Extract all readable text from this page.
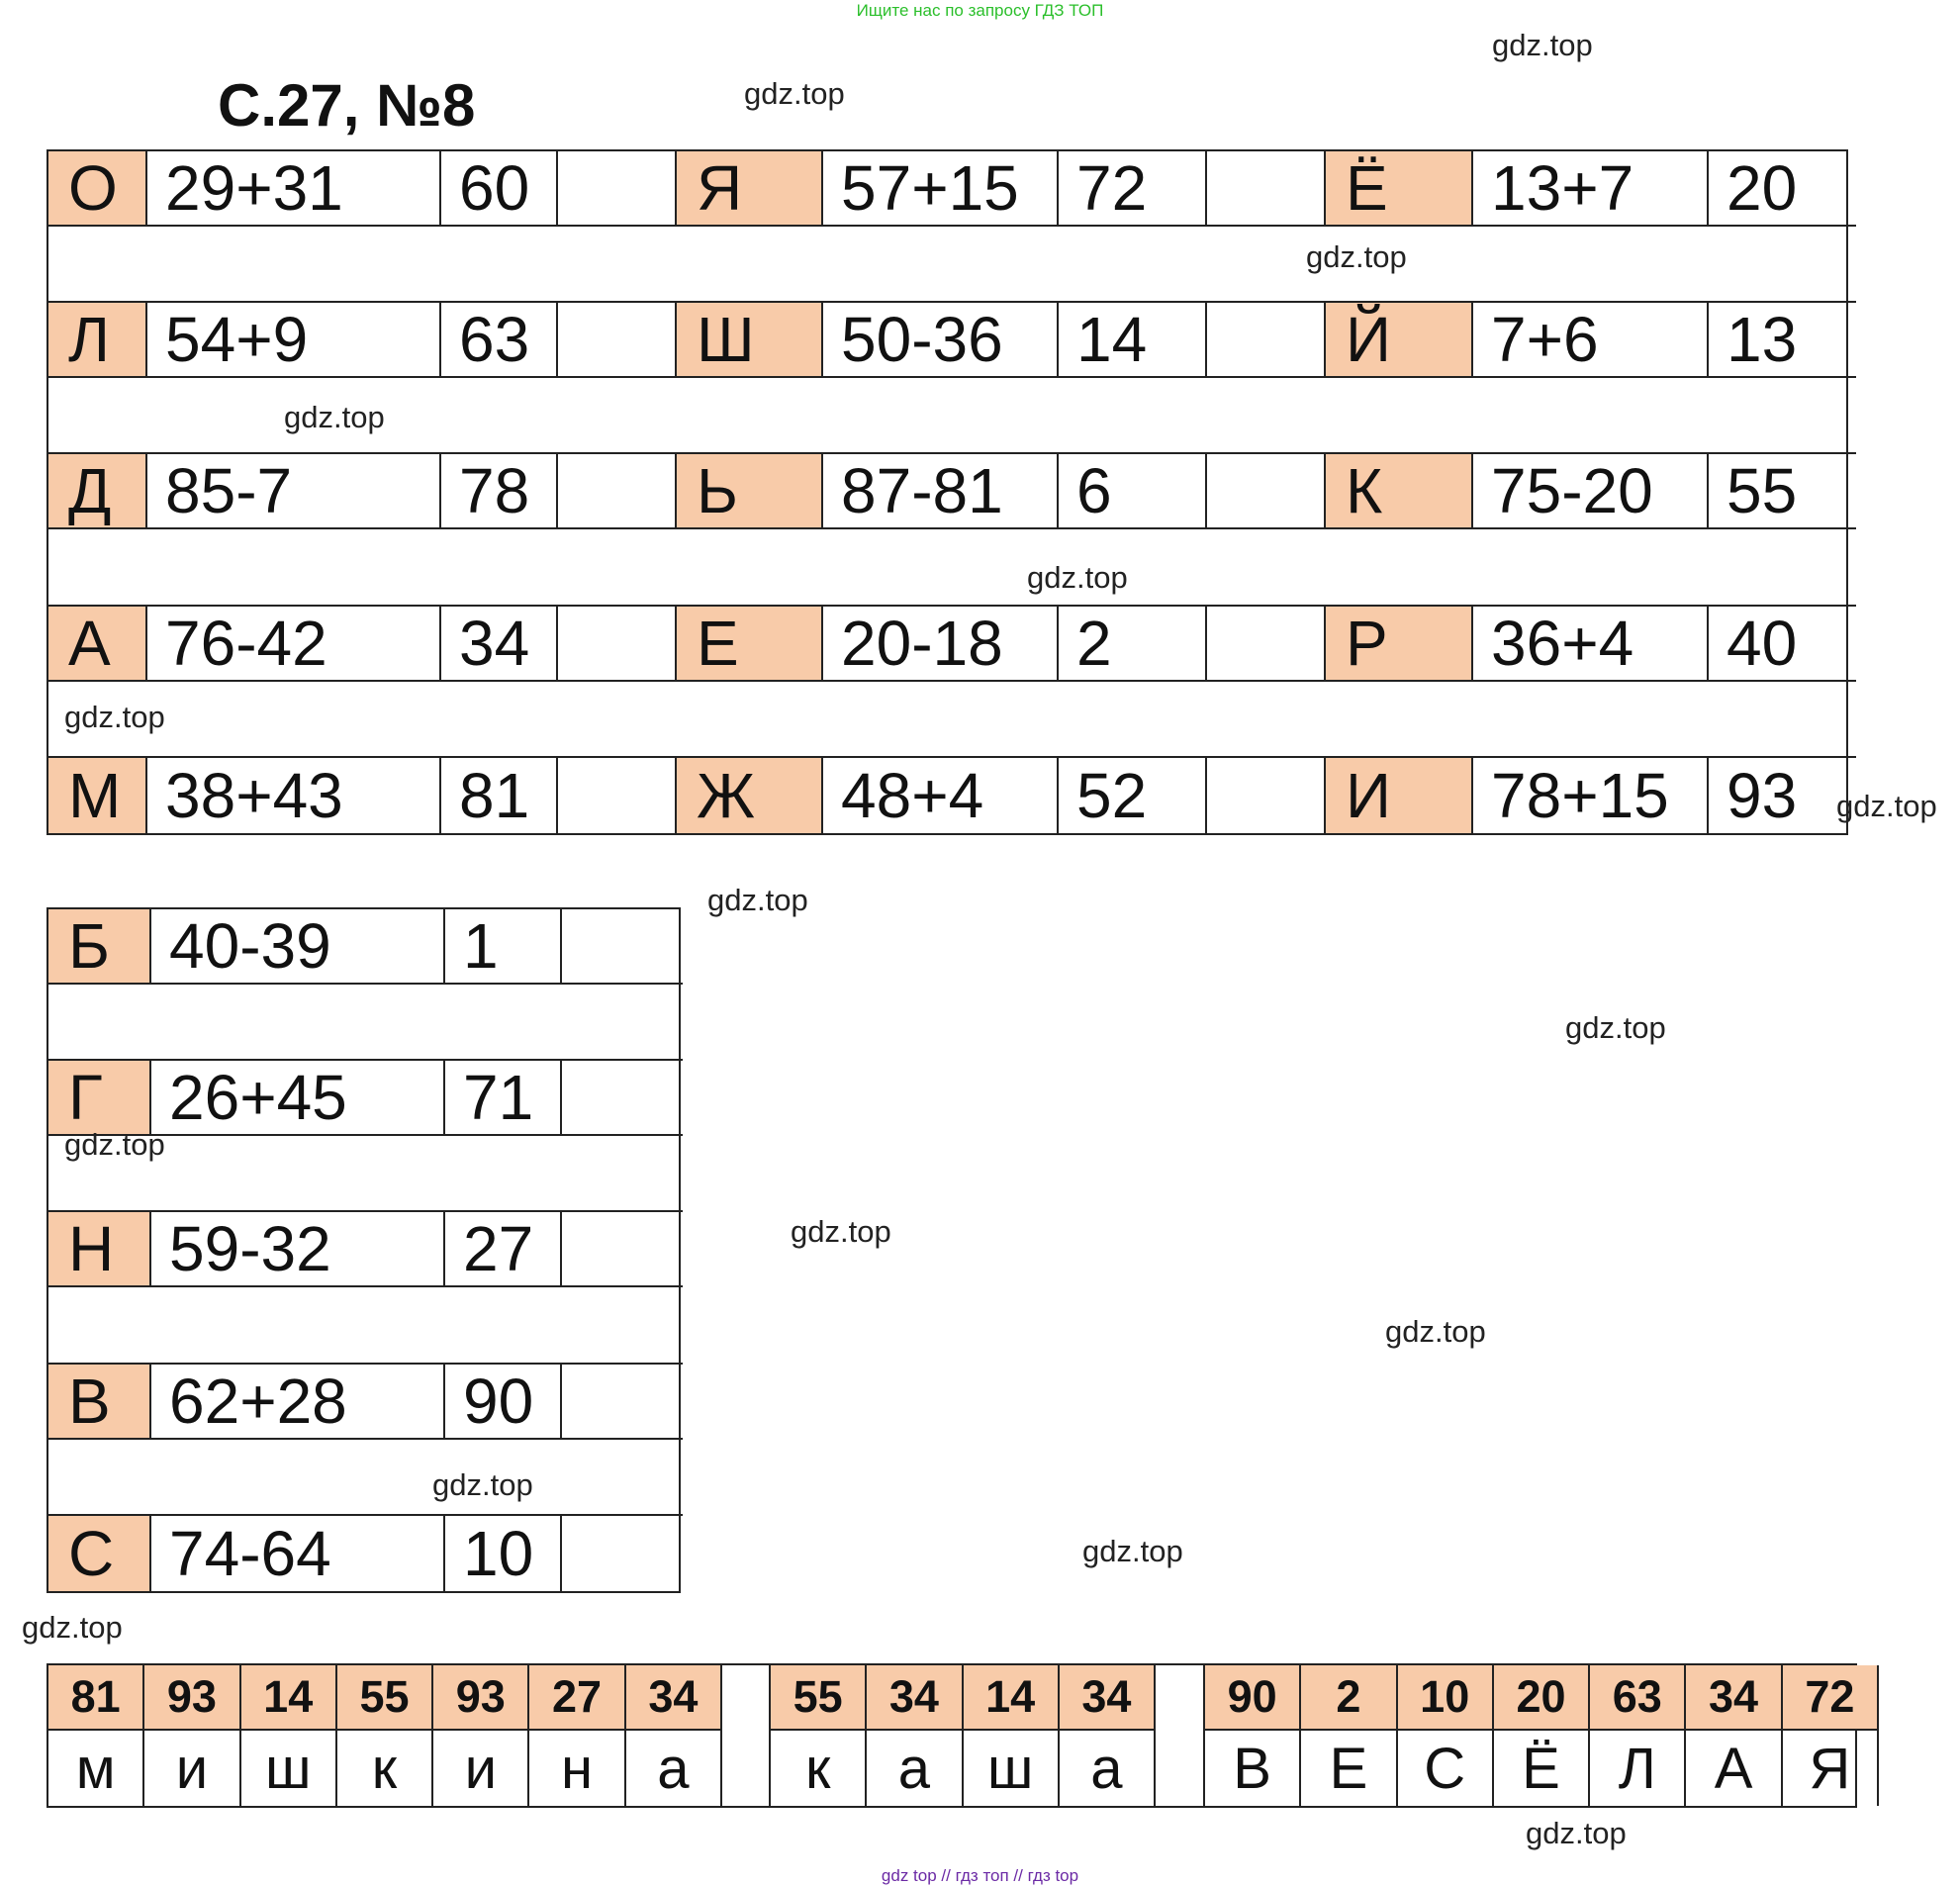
Ищите нас по запросу ГДЗ ТОП
С.27, №8
О 29+31	60	Я	57+15 72	Ё	13+7	20
Л 54+9	63	Ш	50-36	14	Й	7+6	13
Д 85-7	78	Ь	87-81	6	К	75-20	55
А 76-42	34	Е	20-18	2	Р	36+4	40
М 38+43	81	Ж	48+4	52	И	78+15 93
Б 40-39	1
Г	26+45	71
Н 59-32	27
В 62+28	90
С 74-64	10
81	93	14	55	93	27	34
м	и ш	к	и	н	а
55	34	14	34
к	а ш а
90	2	10	20	63	34	72
В	Е С Ё	Л	А Я
gdz.top
gdz.top
gdz.top
gdz.top
gdz.top
gdz.top
gdz.top
gdz.top
gdz.top
gdz.top
gdz.top
gdz.top
gdz.top
gdz.top
gdz.top
gdz.top
gdz top // гдз топ // гдз top
